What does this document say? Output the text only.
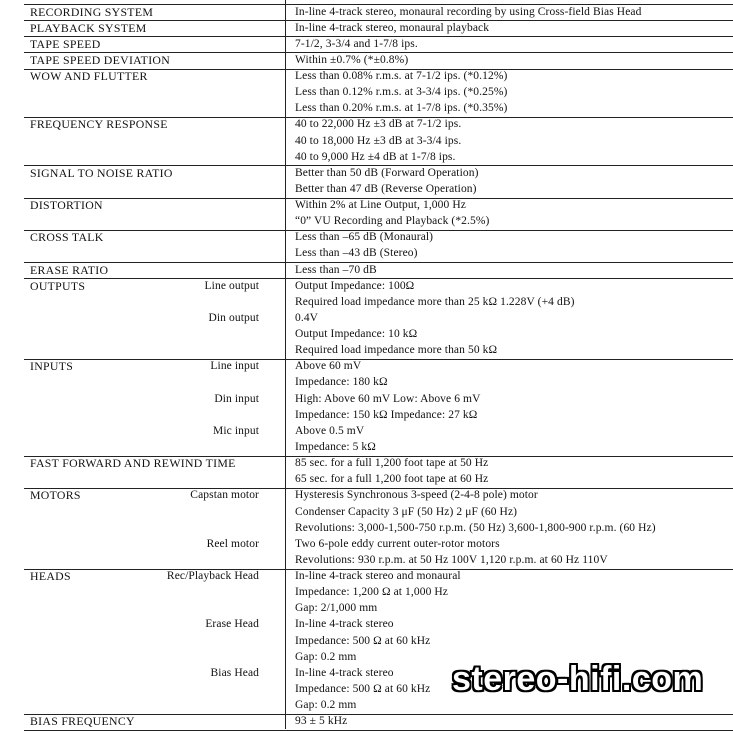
RECORDING SYSTEM	In-line 4-track stereo, monaural recording by using Cross-field Bias Head
PLAYBACK SYSTEM	In-line 4-track stereo, monaural playback
TAPE SPEED	7-1/2, 3-3/4 and 1-7/8 ips.
TAPE SPEED DEVIATION	Within ±0.7% (*±0.8%)
WOW AND FLUTTER	Less than 0.08% r.m.s. at 7-1/2 ips. (*0.12%)
Less than 0.12% r.m.s. at 3-3/4 ips. (*0.25%)
Less than 0.20% r.m.s. at 1-7/8 ips. (*0.35%)
FREQUENCY RESPONSE	40 to 22,000 Hz ±3 dB at 7-1/2 ips.
40 to 18,000 Hz ±3 dB at 3-3/4 ips.
40 to 9,000 Hz ±4 dB at 1-7/8 ips.
SIGNAL TO NOISE RATIO	Better than 50 dB (Forward Operation)
Better than 47 dB (Reverse Operation)
DISTORTION	Within 2% at Line Output, 1,000 Hz
“0” VU Recording and Playback (*2.5%)
CROSS TALK	Less than –65 dB (Monaural)
Less than –43 dB (Stereo)
ERASE RATIO	Less than –70 dB
OUTPUTS	Line output	Output Impedance: 100Ω
Required load impedance more than 25 kΩ 1.228V (+4 dB)
Din output	0.4V
Output Impedance: 10 kΩ
Required load impedance more than 50 kΩ
INPUTS	Line input	Above 60 mV
Impedance: 180 kΩ
Din input	High: Above 60 mV Low: Above 6 mV
Impedance: 150 kΩ Impedance: 27 kΩ
Mic input	Above 0.5 mV
Impedance: 5 kΩ
FAST FORWARD AND REWIND TIME	85 sec. for a full 1,200 foot tape at 50 Hz
65 sec. for a full 1,200 foot tape at 60 Hz
MOTORS	Capstan motor	Hysteresis Synchronous 3-speed (2-4-8 pole) motor
Condenser Capacity 3 μF (50 Hz) 2 μF (60 Hz)
Revolutions: 3,000-1,500-750 r.p.m. (50 Hz) 3,600-1,800-900 r.p.m. (60 Hz)
Reel motor	Two 6-pole eddy current outer-rotor motors
Revolutions: 930 r.p.m. at 50 Hz 100V 1,120 r.p.m. at 60 Hz 110V
HEADS	Rec/Playback Head	In-line 4-track stereo and monaural
Impedance: 1,200 Ω at 1,000 Hz
Gap: 2/1,000 mm
Erase Head	In-line 4-track stereo
Impedance: 500 Ω at 60 kHz
Gap: 0.2 mm
Bias Head	In-line 4-track stereo
Impedance: 500 Ω at 60 kHz
Gap: 0.2 mm
BIAS FREQUENCY	93 ± 5 kHz
stereo-hifi.com
